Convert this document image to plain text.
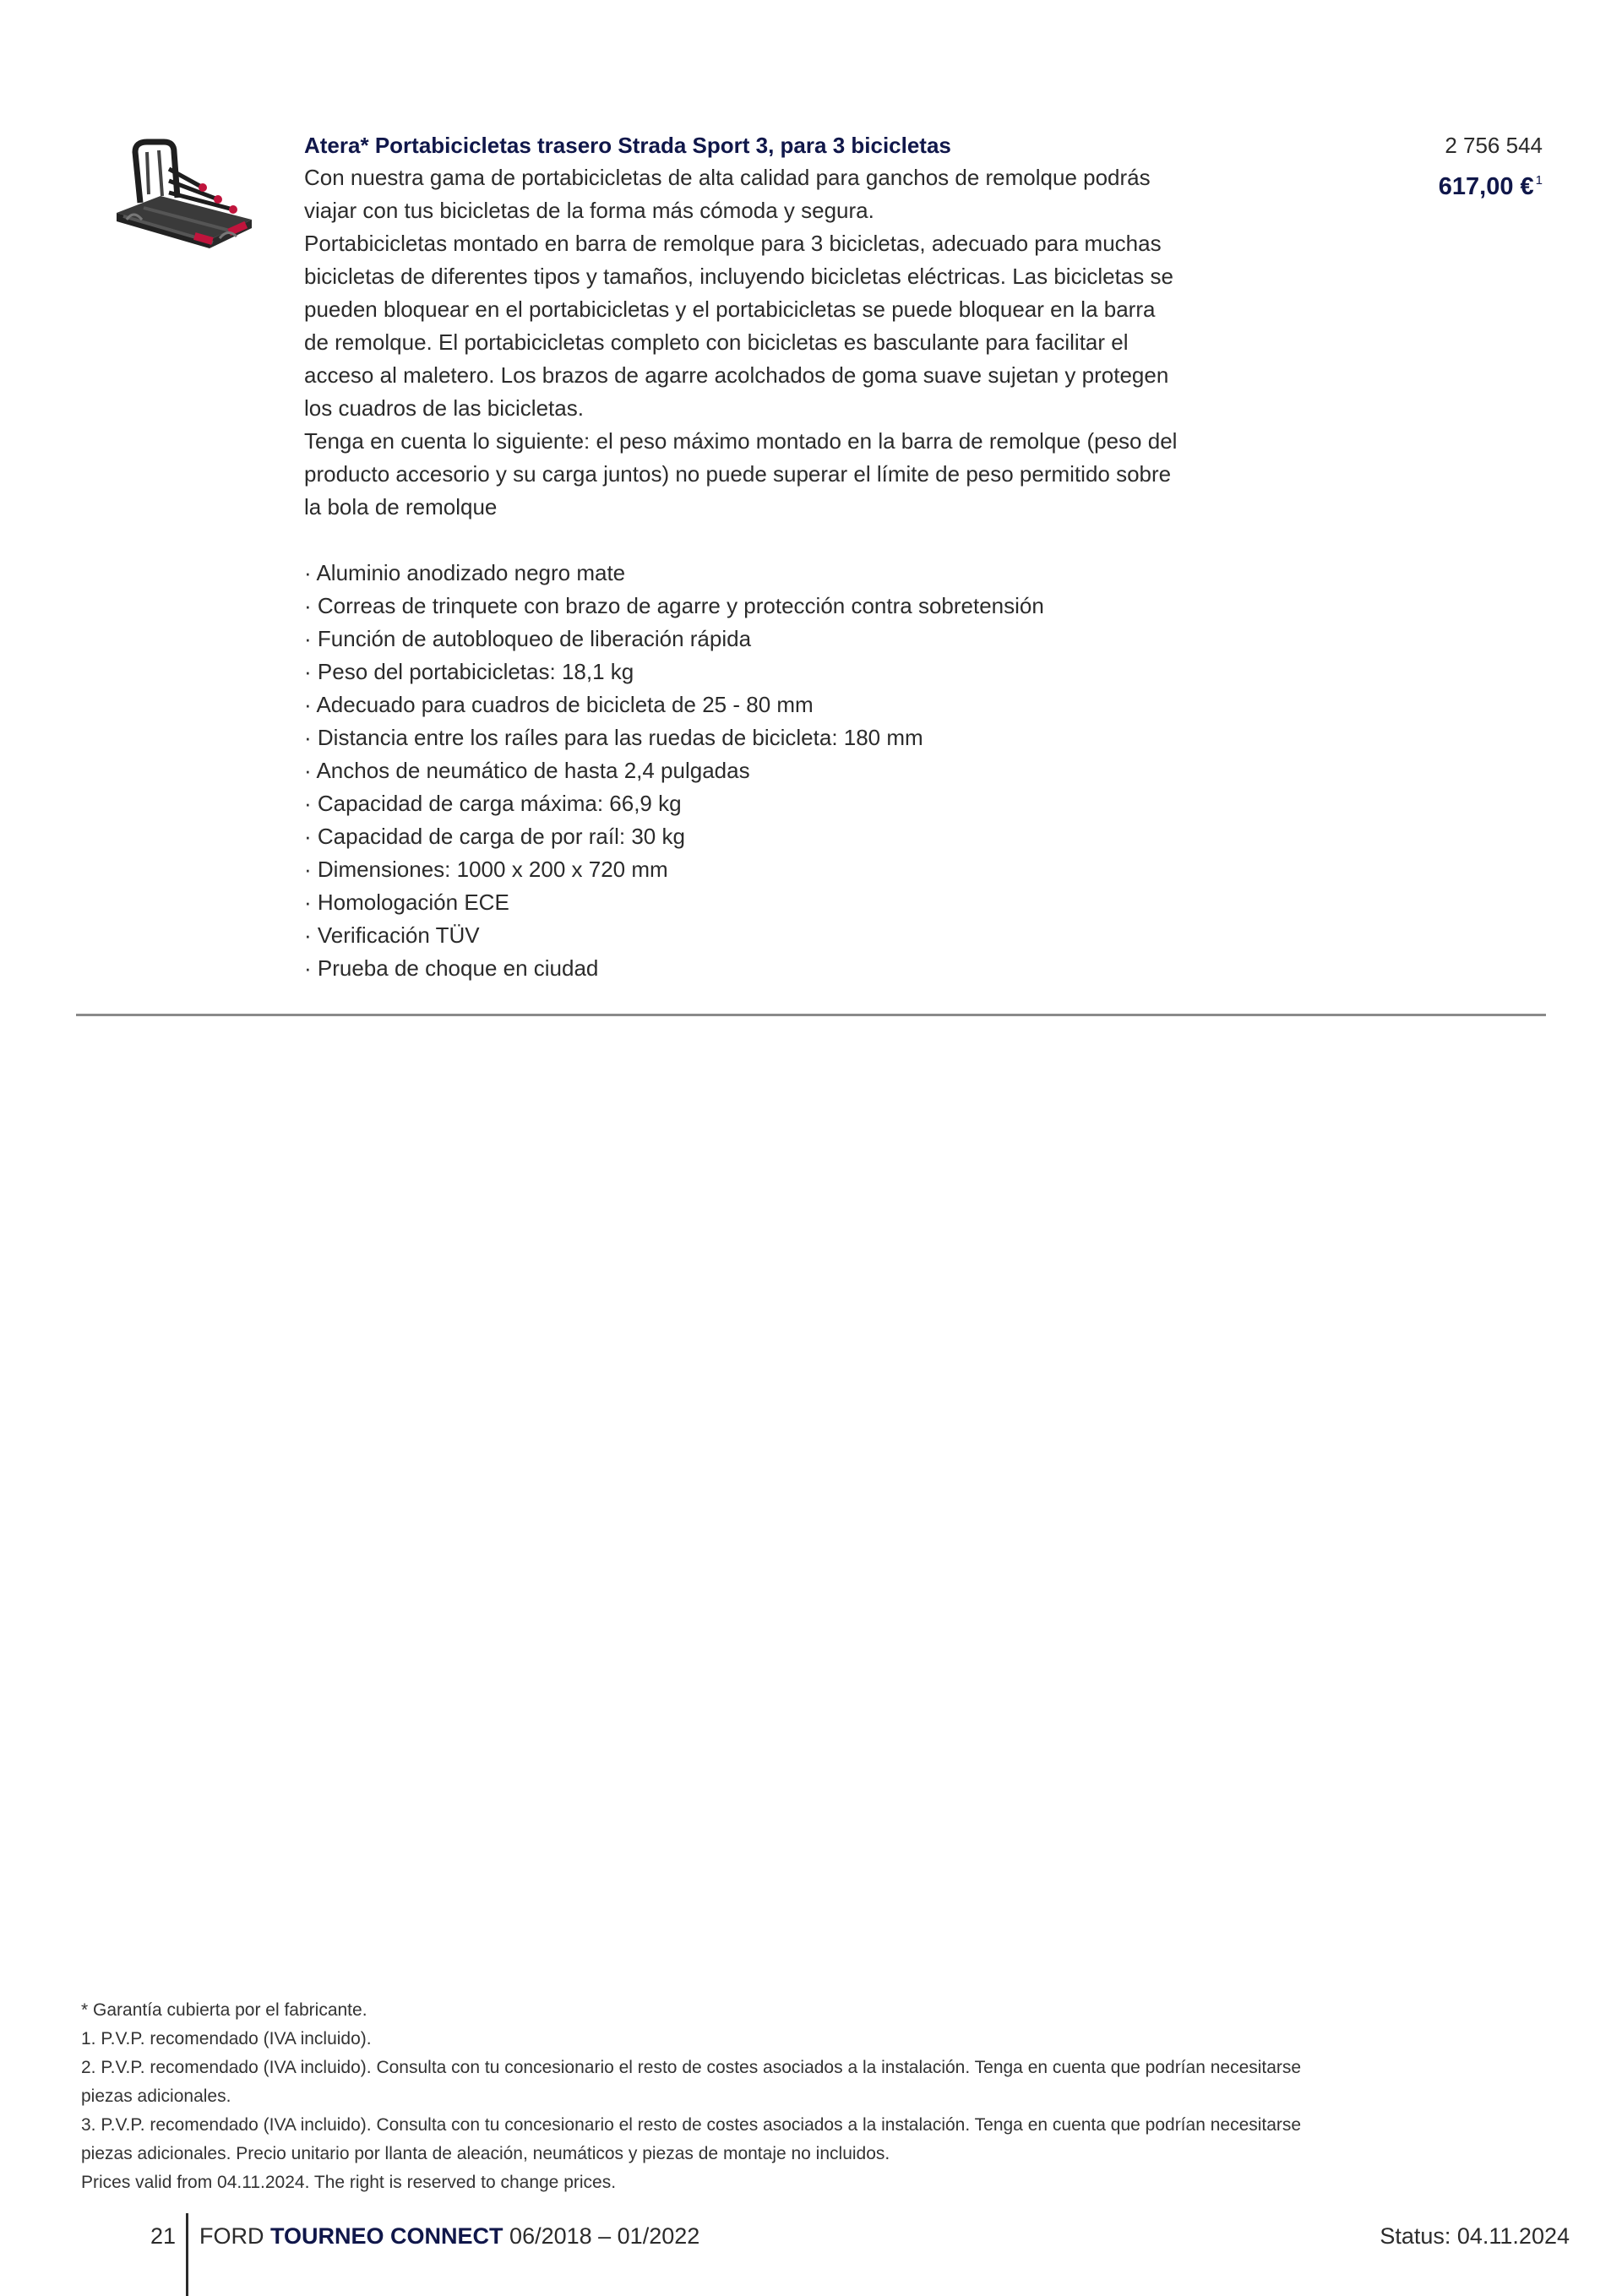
Atera* Portabicicletas trasero Strada Sport 3, para 3 bicicletas

Con nuestra gama de portabicicletas de alta calidad para ganchos de remolque podrás

viajar con tus bicicletas de la forma más cómoda y segura.

Portabicicletas montado en barra de remolque para 3 bicicletas, adecuado para muchas

bicicletas de diferentes tipos y tamaños, incluyendo bicicletas eléctricas. Las bicicletas se

pueden bloquear en el portabicicletas y el portabicicletas se puede bloquear en la barra

de remolque. El portabicicletas completo con bicicletas es basculante para facilitar el

acceso al maletero. Los brazos de agarre acolchados de goma suave sujetan y protegen

los cuadros de las bicicletas.

Tenga en cuenta lo siguiente: el peso máximo montado en la barra de remolque (peso del

producto accesorio y su carga juntos) no puede superar el límite de peso permitido sobre

la bola de remolque

· Aluminio anodizado negro mate
· Correas de trinquete con brazo de agarre y protección contra sobretensión
· Función de autobloqueo de liberación rápida
· Peso del portabicicletas: 18,1 kg
· Adecuado para cuadros de bicicleta de 25 - 80 mm
· Distancia entre los raíles para las ruedas de bicicleta: 180 mm
· Anchos de neumático de hasta 2,4 pulgadas
· Capacidad de carga máxima: 66,9 kg
· Capacidad de carga de por raíl: 30 kg
· Dimensiones: 1000 x 200 x 720 mm
· Homologación ECE
· Verificación TÜV
· Prueba de choque en ciudad
2 756 544
617,00 € $^1$

* Garantía cubierta por el fabricante.

1. P.V.P. recomendado (IVA incluido).

2. P.V.P. recomendado (IVA incluido). Consulta con tu concesionario el resto de costes asociados a la instalación. Tenga en cuenta que podrían necesitarse

piezas adicionales.

3. P.V.P. recomendado (IVA incluido). Consulta con tu concesionario el resto de costes asociados a la instalación. Tenga en cuenta que podrían necesitarse

piezas adicionales. Precio unitario por llanta de aleación, neumáticos y piezas de montaje no incluidos.

Prices valid from 04.11.2024. The right is reserved to change prices.

21 FORD TOURNEO CONNECT 06/2018 – 01/2022	Status: 04.11.2024
